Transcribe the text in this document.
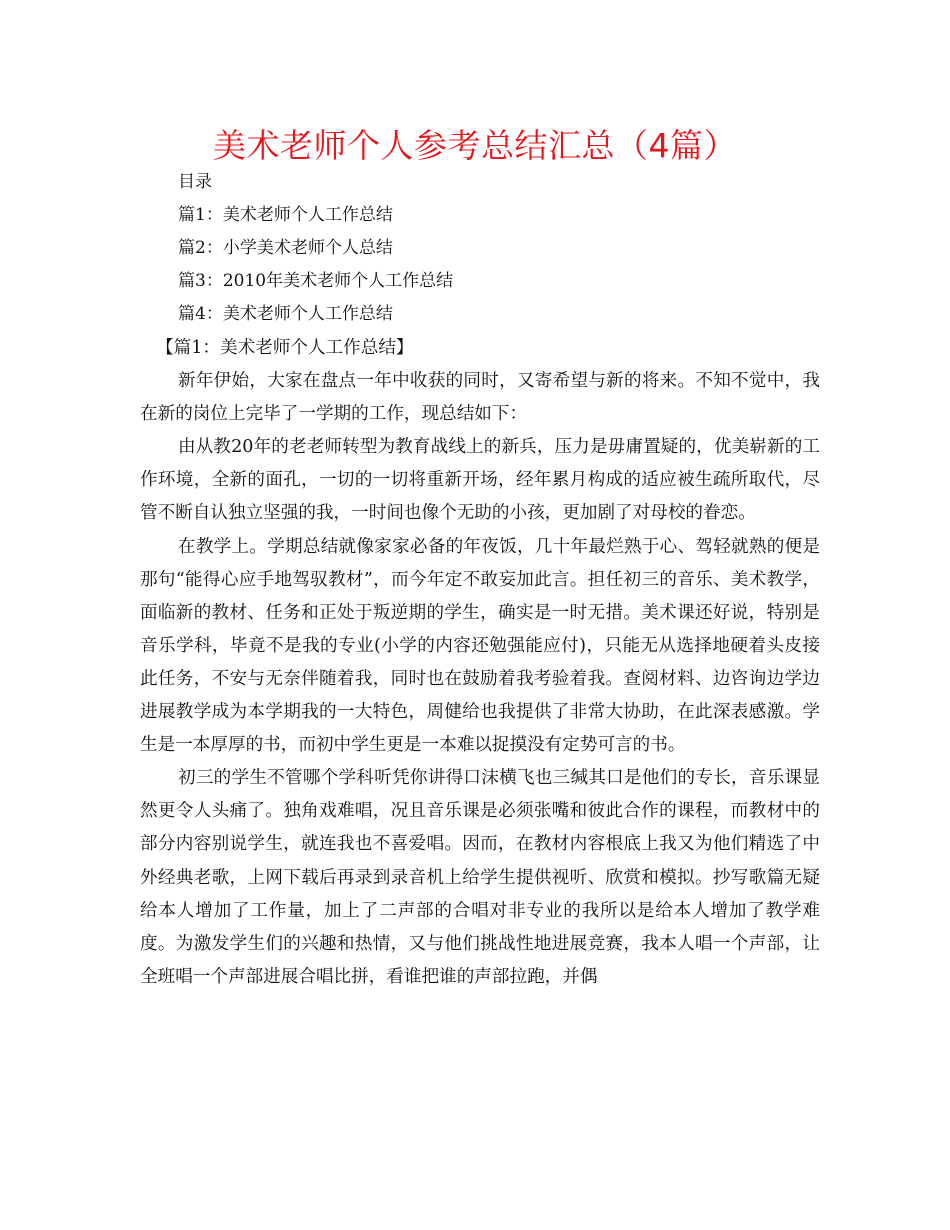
美术老师个人参考总结汇总（4篇）
目录
篇1：美术老师个人工作总结
篇2：小学美术老师个人总结
篇3：2010年美术老师个人工作总结
篇4：美术老师个人工作总结

【篇1：美术老师个人工作总结】

新年伊始，大家在盘点一年中收获的同时，又寄希望与新的将来。不知不觉中，我在新的岗位上完毕了一学期的工作，现总结如下：

由从教20年的老老师转型为教育战线上的新兵，压力是毋庸置疑的，优美崭新的工作环境，全新的面孔，一切的一切将重新开场，经年累月构成的适应被生疏所取代，尽管不断自认独立坚强的我，一时间也像个无助的小孩，更加剧了对母校的眷恋。

在教学上。学期总结就像家家必备的年夜饭，几十年最烂熟于心、驾轻就熟的便是那句“能得心应手地驾驭教材”，而今年定不敢妄加此言。担任初三的音乐、美术教学，面临新的教材、任务和正处于叛逆期的学生，确实是一时无措。美术课还好说，特别是音乐学科，毕竟不是我的专业(小学的内容还勉强能应付)，只能无从选择地硬着头皮接此任务，不安与无奈伴随着我，同时也在鼓励着我考验着我。查阅材料、边咨询边学边进展教学成为本学期我的一大特色，周健给也我提供了非常大协助，在此深表感激。学生是一本厚厚的书，而初中学生更是一本难以捉摸没有定势可言的书。

初三的学生不管哪个学科听凭你讲得口沫横飞也三缄其口是他们的专长，音乐课显然更令人头痛了。独角戏难唱，况且音乐课是必须张嘴和彼此合作的课程，而教材中的部分内容别说学生，就连我也不喜爱唱。因而，在教材内容根底上我又为他们精选了中外经典老歌，上网下载后再录到录音机上给学生提供视听、欣赏和模拟。抄写歌篇无疑给本人增加了工作量，加上了二声部的合唱对非专业的我所以是给本人增加了教学难度。为激发学生们的兴趣和热情，又与他们挑战性地进展竞赛，我本人唱一个声部，让全班唱一个声部进展合唱比拼，看谁把谁的声部拉跑，并偶
